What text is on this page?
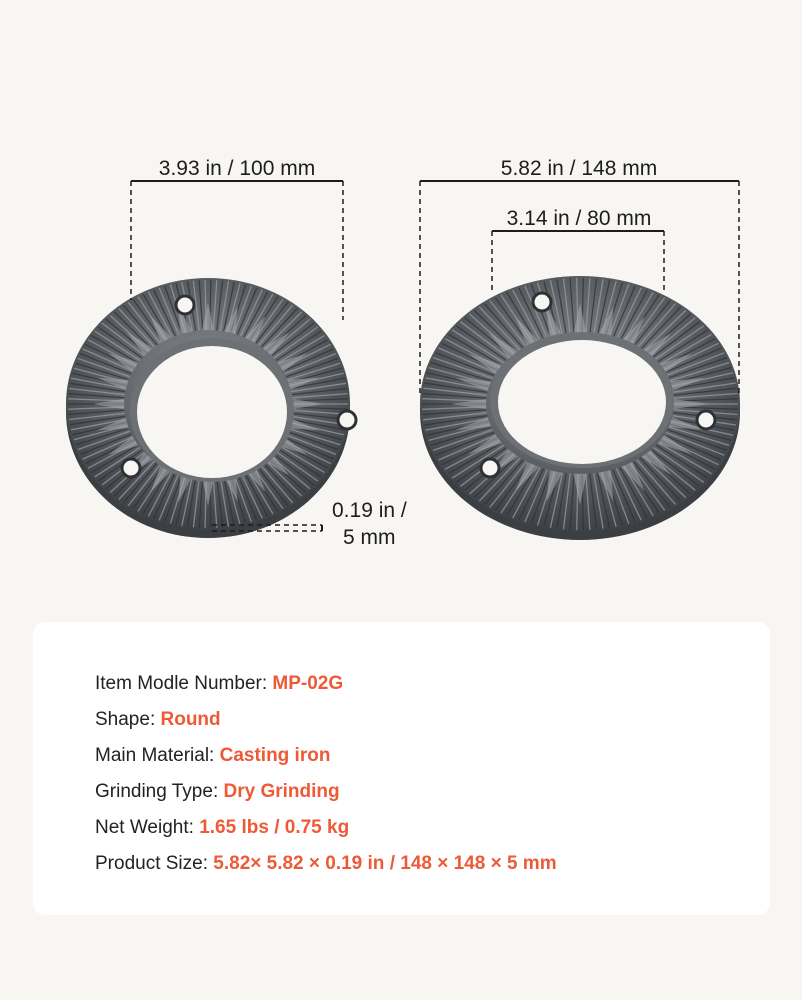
3.93 in / 100 mm	5.82 in / 148 mm
3.14 in / 80 mm
0.19 in /
5 mm
Item Modle Number: MP-02G
Shape: Round
Main Material: Casting iron
Grinding Type: Dry Grinding
Net Weight: 1.65 lbs / 0.75 kg
Product Size: 5.82× 5.82 × 0.19 in / 148 × 148 × 5 mm
